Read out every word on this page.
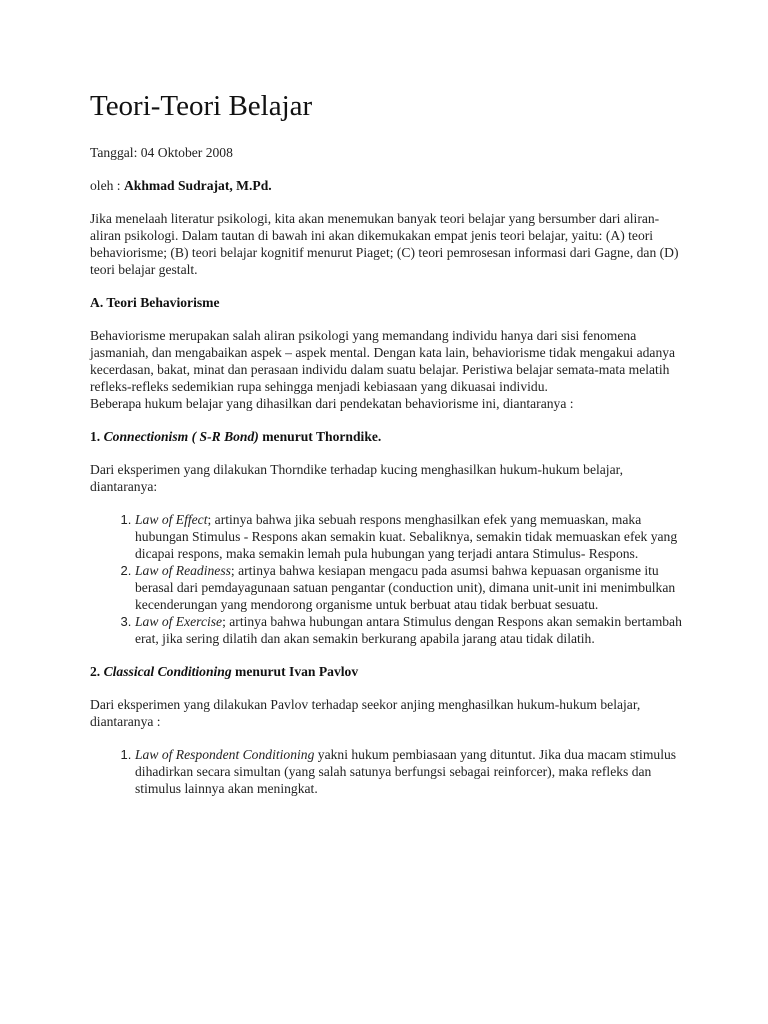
Teori-Teori Belajar

Tanggal: 04 Oktober 2008

oleh : Akhmad Sudrajat, M.Pd.

Jika menelaah literatur psikologi, kita akan menemukan banyak teori belajar yang bersumber dari aliran-aliran psikologi. Dalam tautan di bawah ini akan dikemukakan empat jenis teori belajar, yaitu: (A) teori behaviorisme; (B) teori belajar kognitif menurut Piaget; (C) teori pemrosesan informasi dari Gagne, dan (D) teori belajar gestalt.

A. Teori Behaviorisme

Behaviorisme merupakan salah aliran psikologi yang memandang individu hanya dari sisi fenomena jasmaniah, dan mengabaikan aspek – aspek mental. Dengan kata lain, behaviorisme tidak mengakui adanya kecerdasan, bakat, minat dan perasaan individu dalam suatu belajar. Peristiwa belajar semata-mata melatih refleks-refleks sedemikian rupa sehingga menjadi kebiasaan yang dikuasai individu.

Beberapa hukum belajar yang dihasilkan dari pendekatan behaviorisme ini, diantaranya :

1. Connectionism ( S-R Bond) menurut Thorndike.

Dari eksperimen yang dilakukan Thorndike terhadap kucing menghasilkan hukum-hukum belajar, diantaranya:

1. Law of Effect; artinya bahwa jika sebuah respons menghasilkan efek yang memuaskan, maka hubungan Stimulus - Respons akan semakin kuat. Sebaliknya, semakin tidak memuaskan efek yang dicapai respons, maka semakin lemah pula hubungan yang terjadi antara Stimulus- Respons.
2. Law of Readiness; artinya bahwa kesiapan mengacu pada asumsi bahwa kepuasan organisme itu berasal dari pemdayagunaan satuan pengantar (conduction unit), dimana unit-unit ini menimbulkan kecenderungan yang mendorong organisme untuk berbuat atau tidak berbuat sesuatu.
3. Law of Exercise; artinya bahwa hubungan antara Stimulus dengan Respons akan semakin bertambah erat, jika sering dilatih dan akan semakin berkurang apabila jarang atau tidak dilatih.

2. Classical Conditioning menurut Ivan Pavlov

Dari eksperimen yang dilakukan Pavlov terhadap seekor anjing menghasilkan hukum-hukum belajar, diantaranya :

1. Law of Respondent Conditioning yakni hukum pembiasaan yang dituntut. Jika dua macam stimulus dihadirkan secara simultan (yang salah satunya berfungsi sebagai reinforcer), maka refleks dan stimulus lainnya akan meningkat.
